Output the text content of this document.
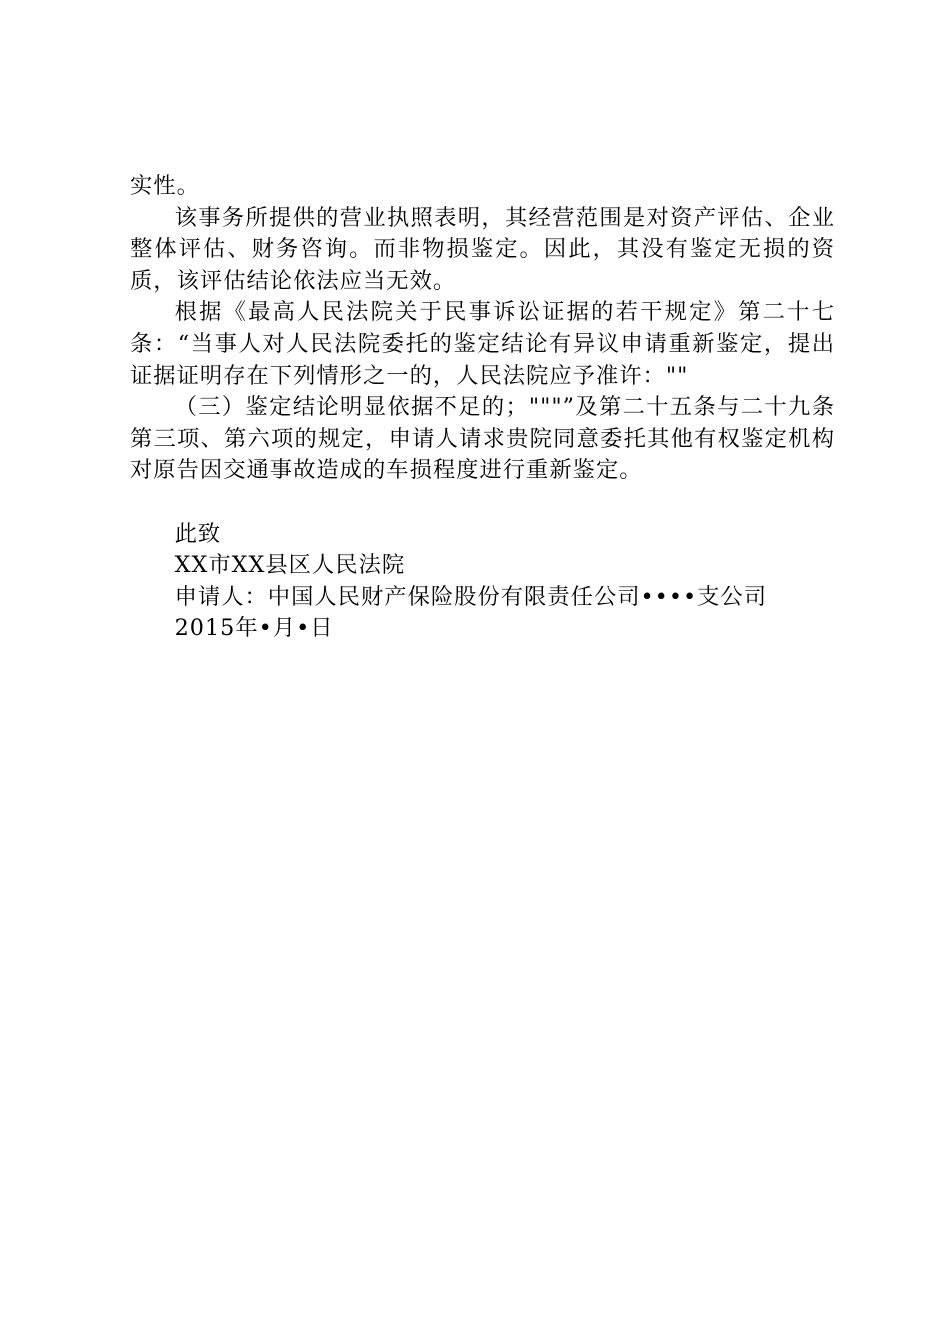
实性。

该事务所提供的营业执照表明，其经营范围是对资产评估、企业整体评估、财务咨询。而非物损鉴定。因此，其没有鉴定无损的资质，该评估结论依法应当无效。

根据《最高人民法院关于民事诉讼证据的若干规定》第二十七条：“当事人对人民法院委托的鉴定结论有异议申请重新鉴定，提出证据证明存在下列情形之一的，人民法院应予准许：""

（三）鉴定结论明显依据不足的；"""”及第二十五条与二十九条第三项、第六项的规定，申请人请求贵院同意委托其他有权鉴定机构对原告因交通事故造成的车损程度进行重新鉴定。

此致

XX市XX县区人民法院

申请人：中国人民财产保险股份有限责任公司••••支公司

2015年•月•日
